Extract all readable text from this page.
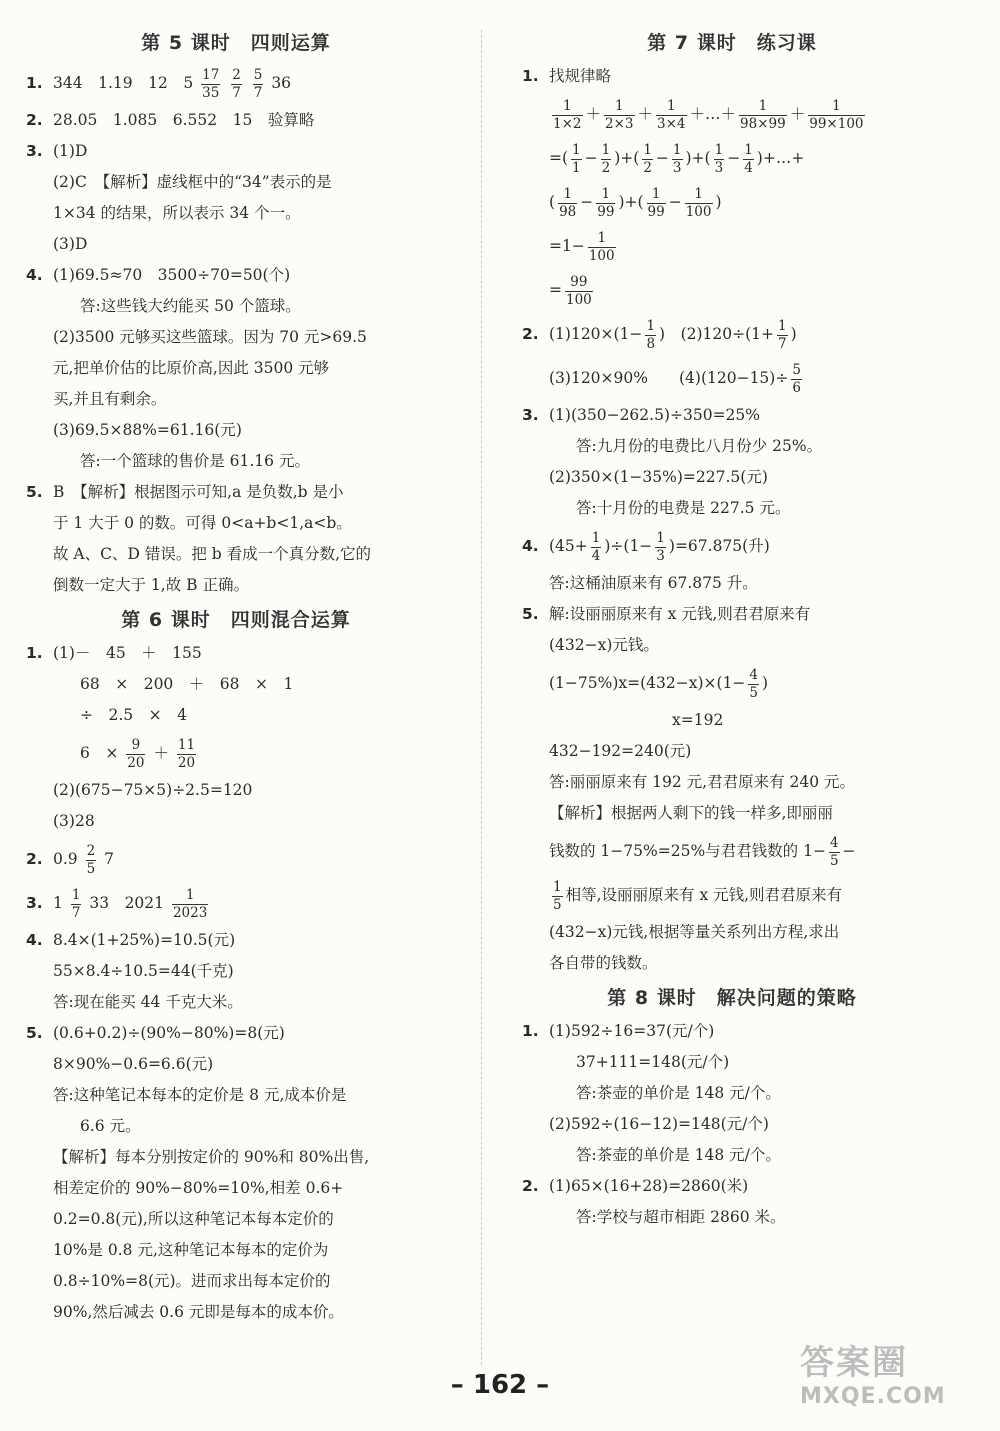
第 5 课时　四则运算
1. 344　1.19　12　$5 \frac{17}{35}$
$\frac{2}{7}$
$\frac{5}{7} 36$
2. 28.05　1.085　6.552　15　验算略
3. (1)D
(2)C　【解析】虚线框中的“34”表示的是
1×34 的结果，所以表示 34 个一。
(3)D
4. (1)69.5≈70　3500÷70=50(个)
答:这些钱大约能买 50 个篮球。
(2)3500 元够买这些篮球。因为 70 元>69.5
元,把单价估的比原价高,因此 3500 元够
买,并且有剩余。
(3)69.5×88%=61.16(元)
答:一个篮球的售价是 61.16 元。
5. B　【解析】根据图示可知,a 是负数,b 是小
于 1 大于 0 的数。可得 0<a+b<1,a<b。
故 A、C、D 错误。把 b 看成一个真分数,它的
倒数一定大于 1,故 B 正确。
第 6 课时　四则混合运算
1. (1)－　45　＋　155
68　×　200　＋　68　×　1
÷　2.5　×　4
6　× $\frac{9}{20} + \frac{11}{20}$
(2)(675−75×5)÷2.5=120
(3)28
2. $0.9 \frac{2}{5} 7$
3. $1 \frac{1}{7} 33$　$2021 \frac{1}{2023}$
4. 8.4×(1+25%)=10.5(元)
55×8.4÷10.5=44(千克)
答:现在能买 44 千克大米。
5. (0.6+0.2)÷(90%−80%)=8(元)
8×90%−0.6=6.6(元)
答:这种笔记本每本的定价是 8 元,成本价是
6.6 元。
【解析】每本分别按定价的 90%和 80%出售,
相差定价的 90%−80%=10%,相差 0.6+
0.2=0.8(元),所以这种笔记本每本定价的
10%是 0.8 元,这种笔记本每本的定价为
0.8÷10%=8(元)。进而求出每本定价的
90%,然后减去 0.6 元即是每本的成本价。
第 7 课时　练习课
1. 找规律略
$\frac{1}{1\times 2} + \frac{1}{2\times 3} + \frac{1}{3\times 4}$ ＋…＋ $\frac{1}{98\times 99} + \frac{1}{99\times 100}$
=( $\frac{1}{1} - \frac{1}{2}$ )+( $\frac{1}{2} - \frac{1}{3}$ )+( $\frac{1}{3} - \frac{1}{4}$ )+…+
( $\frac{1}{98} - \frac{1}{99}$ )+( $\frac{1}{99} - \frac{1}{100}$ )
$=1- \frac{1}{100}$
= $\frac{99}{100}$
2. $(1)120\times(1- \frac{1}{8}$ )　$(2)120\div(1+ \frac{1}{7}$ )
(3)120×90%　　 $(4)(120-15)\div \frac{5}{6}$
3. (1)(350−262.5)÷350=25%
答:九月份的电费比八月份少 25%。
(2)350×(1−35%)=227.5(元)
答:十月份的电费是 227.5 元。
4. $(45+ \frac{1}{4} )\div(1- \frac{1}{3} )=67.875$(升)
答:这桶油原来有 67.875 升。
5. 解:设丽丽原来有 x 元钱,则君君原来有
(432−x)元钱。
$(1-75\%)x=(432-x)\times(1- \frac{4}{5}$ )
x=192
432−192=240(元)
答:丽丽原来有 192 元,君君原来有 240 元。
【解析】根据两人剩下的钱一样多,即丽丽
钱数的 1−75%=25%与君君钱数的 $1- \frac{4}{5}$ −
$\frac{1}{5}$ 相等,设丽丽原来有 x 元钱,则君君原来有
(432−x)元钱,根据等量关系列出方程,求出
各自带的钱数。
第 8 课时　解决问题的策略
1. (1)592÷16=37(元/个)
37+111=148(元/个)
答:茶壶的单价是 148 元/个。
(2)592÷(16−12)=148(元/个)
答:茶壶的单价是 148 元/个。
2. (1)65×(16+28)=2860(米)
答:学校与超市相距 2860 米。
– 162 –
答案圈
MXQE.COM
